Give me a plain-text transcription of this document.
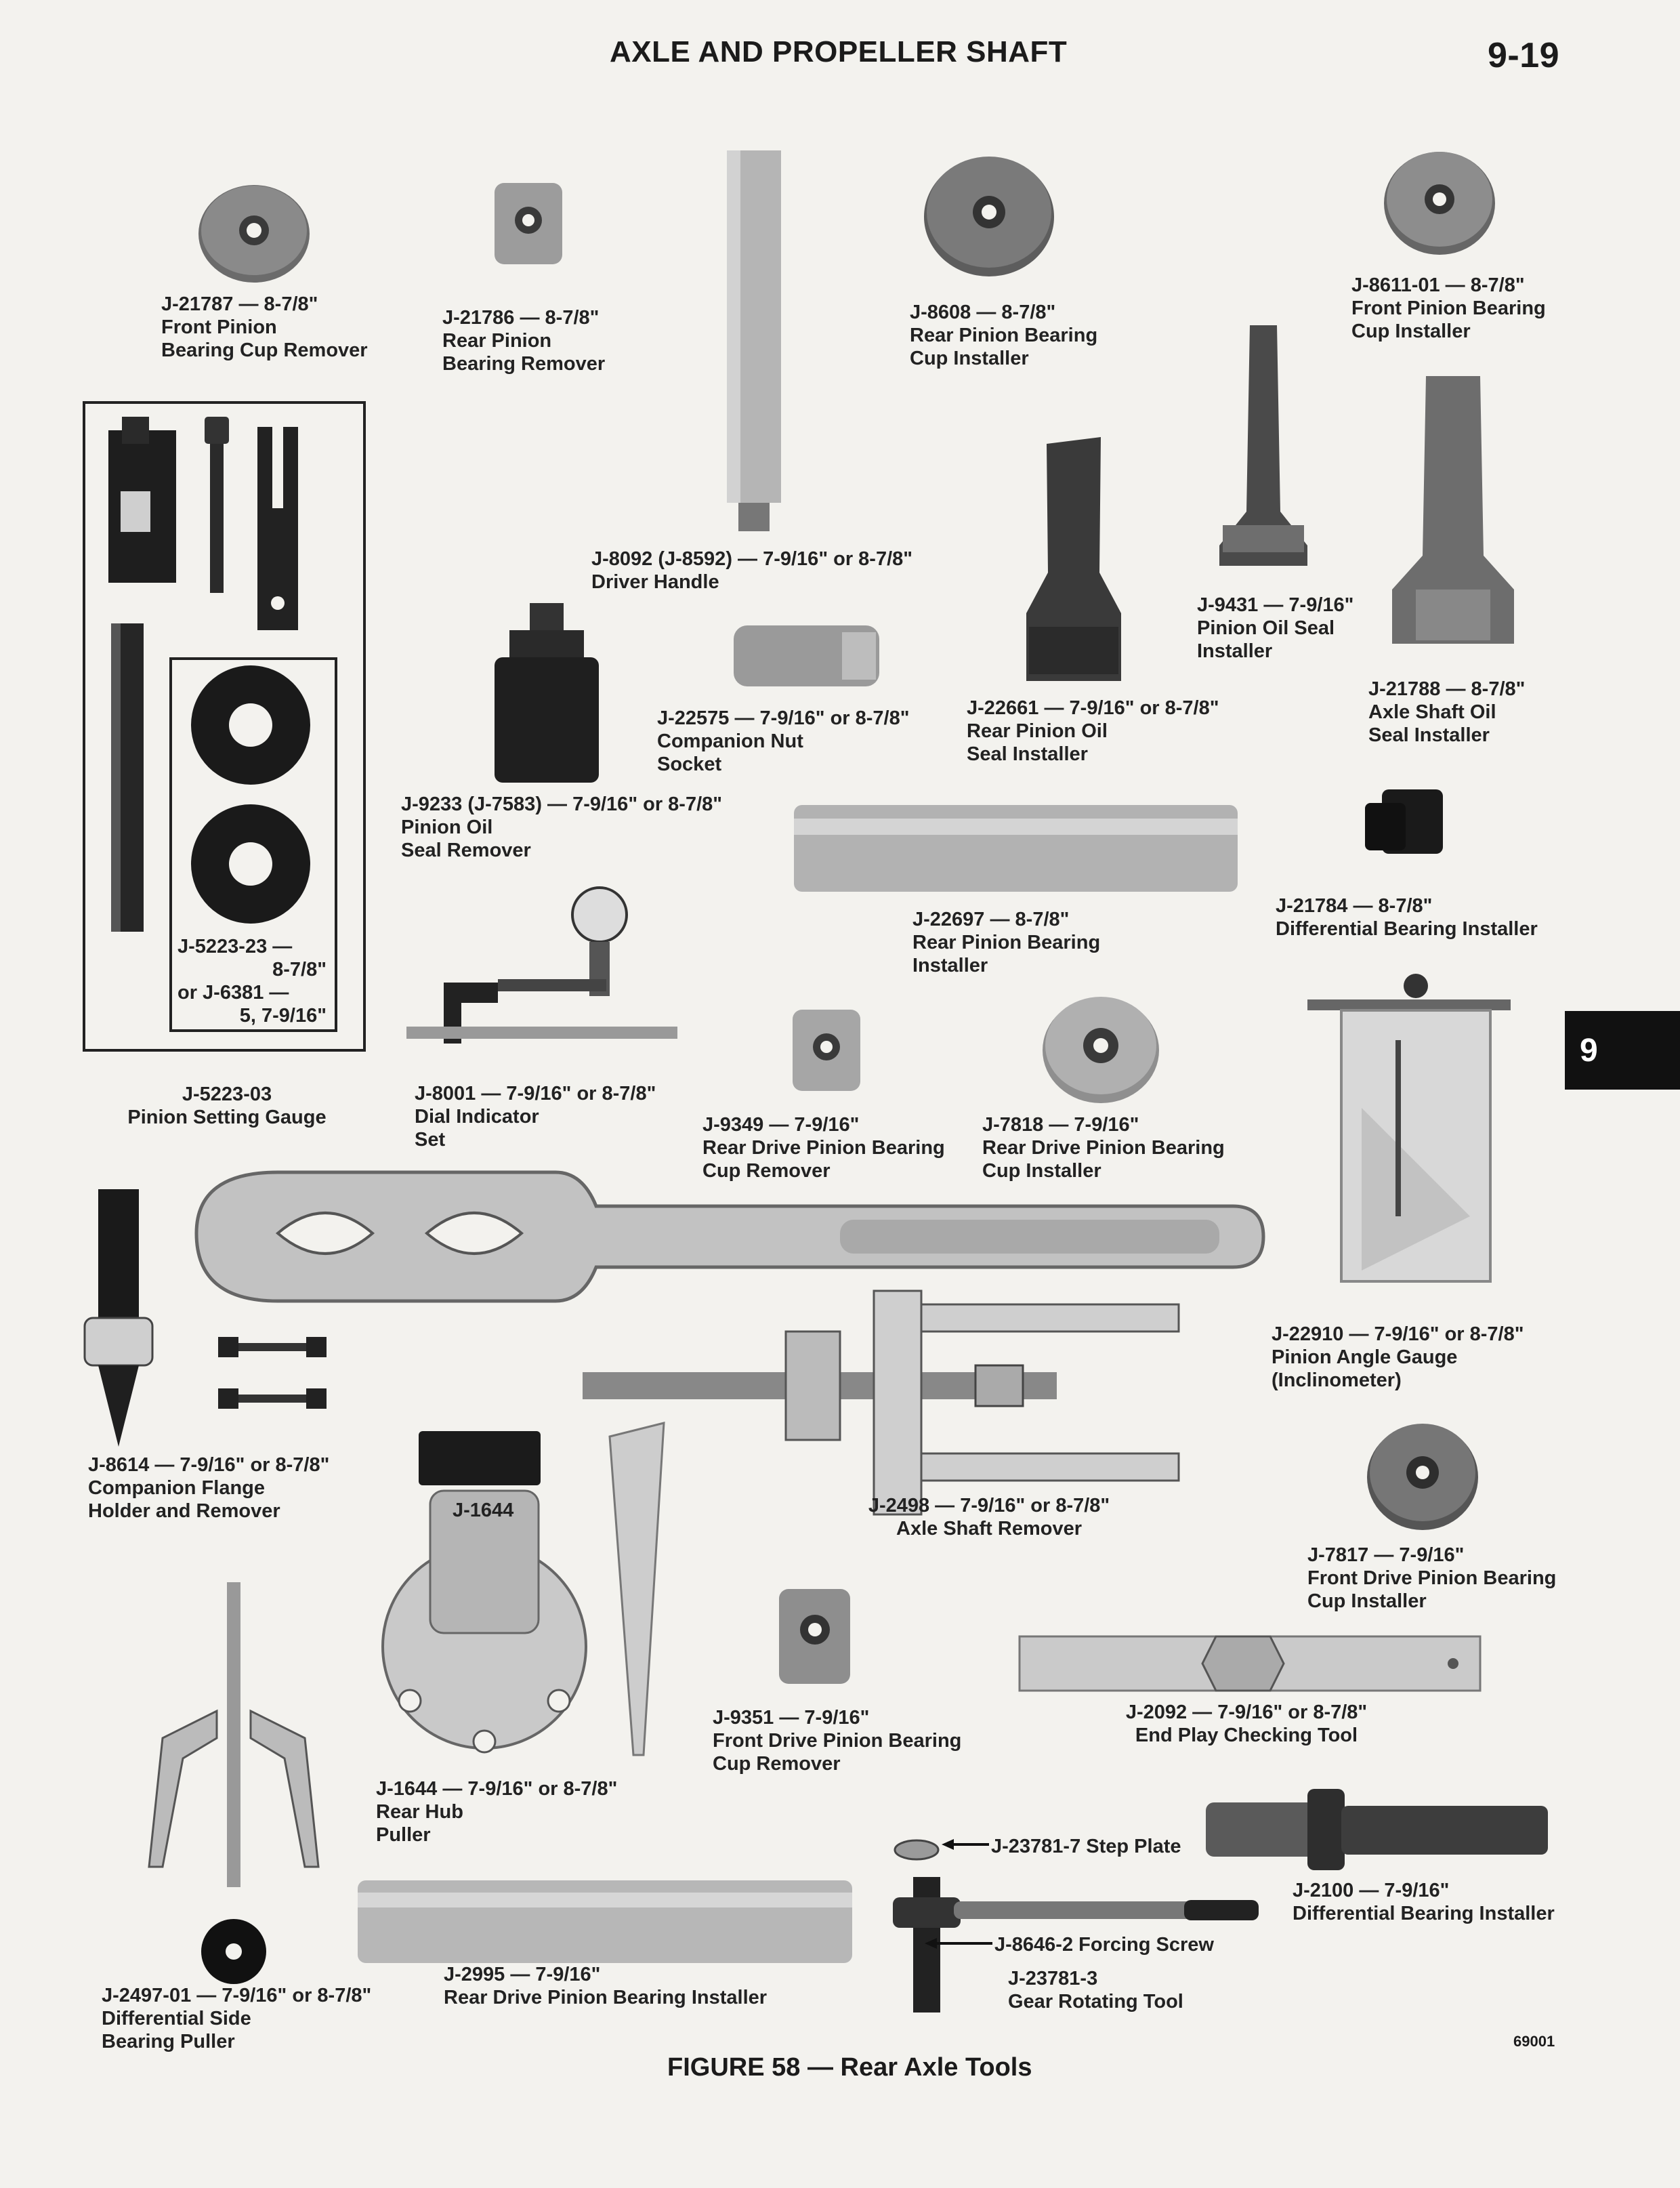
AXLE AND PROPELLER SHAFT	9-19
9
J-21787 — 8-7/8"
Front Pinion
Bearing Cup Remover
J-21786 — 8-7/8"
Rear Pinion
Bearing Remover
J-8608 — 8-7/8"
Rear Pinion Bearing
Cup Installer
J-8611-01 — 8-7/8"
Front Pinion Bearing
Cup Installer
J-8092 (J-8592) — 7-9/16" or 8-7/8"
Driver Handle
J-9431 — 7-9/16"
Pinion Oil Seal
Installer
J-22575 — 7-9/16" or 8-7/8"
Companion Nut
Socket
J-22661 — 7-9/16" or 8-7/8"
Rear Pinion Oil
Seal Installer
J-21788 — 8-7/8"
Axle Shaft Oil
Seal Installer
J-9233 (J-7583) — 7-9/16" or 8-7/8"
Pinion Oil
Seal Remover
J-22697 — 8-7/8"
Rear Pinion Bearing
Installer
J-21784 — 8-7/8"
Differential Bearing Installer
J-5223-23 —
8-7/8"
or J-6381 —
5, 7-9/16"
J-5223-03
Pinion Setting Gauge
J-8001 — 7-9/16" or 8-7/8"
Dial Indicator
Set
J-9349 — 7-9/16"
Rear Drive Pinion Bearing
Cup Remover
J-7818 — 7-9/16"
Rear Drive Pinion Bearing
Cup Installer
J-22910 — 7-9/16" or 8-7/8"
Pinion Angle Gauge
(Inclinometer)
J-8614 — 7-9/16" or 8-7/8"
Companion Flange
Holder and Remover	J-1644	J-2498 — 7-9/16" or 8-7/8"
Axle Shaft Remover
J-7817 — 7-9/16"
Front Drive Pinion Bearing
Cup Installer
J-9351 — 7-9/16"
Front Drive Pinion Bearing
Cup Remover
J-2092 — 7-9/16" or 8-7/8"
End Play Checking Tool
J-1644 — 7-9/16" or 8-7/8"
Rear Hub
Puller
J-23781-7 Step Plate
J-8646-2 Forcing Screw
J-23781-3
Gear Rotating Tool
J-2100 — 7-9/16"
Differential Bearing Installer
J-2497-01 — 7-9/16" or 8-7/8"
Differential Side
Bearing Puller
J-2995 — 7-9/16"
Rear Drive Pinion Bearing Installer
FIGURE 58 — Rear Axle Tools
69001
